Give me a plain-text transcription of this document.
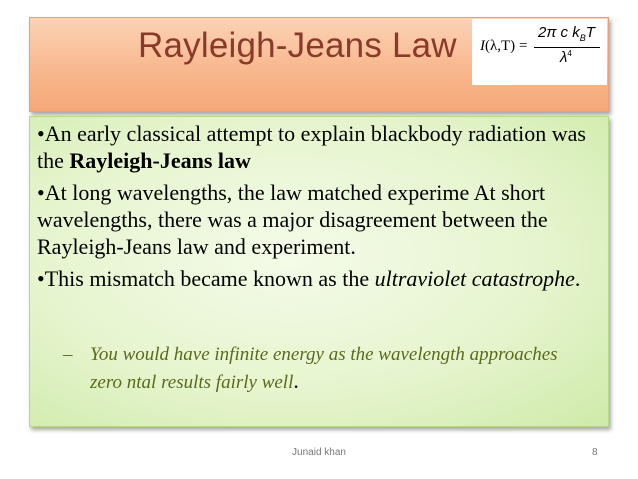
Rayleigh-Jeans Law I(λ,T) =
2π c $k_BT$
$\lambda^4$
•An early classical attempt to explain blackbody radiation was the Rayleigh-Jeans law
•At long wavelengths, the law matched experime At short wavelengths, there was a major disagreement between the Rayleigh-Jeans law and experiment.
•This mismatch became known as the ultraviolet catastrophe.
– You would have infinite energy as the wavelength approaches zero ntal results fairly well.
Junaid khan	8
